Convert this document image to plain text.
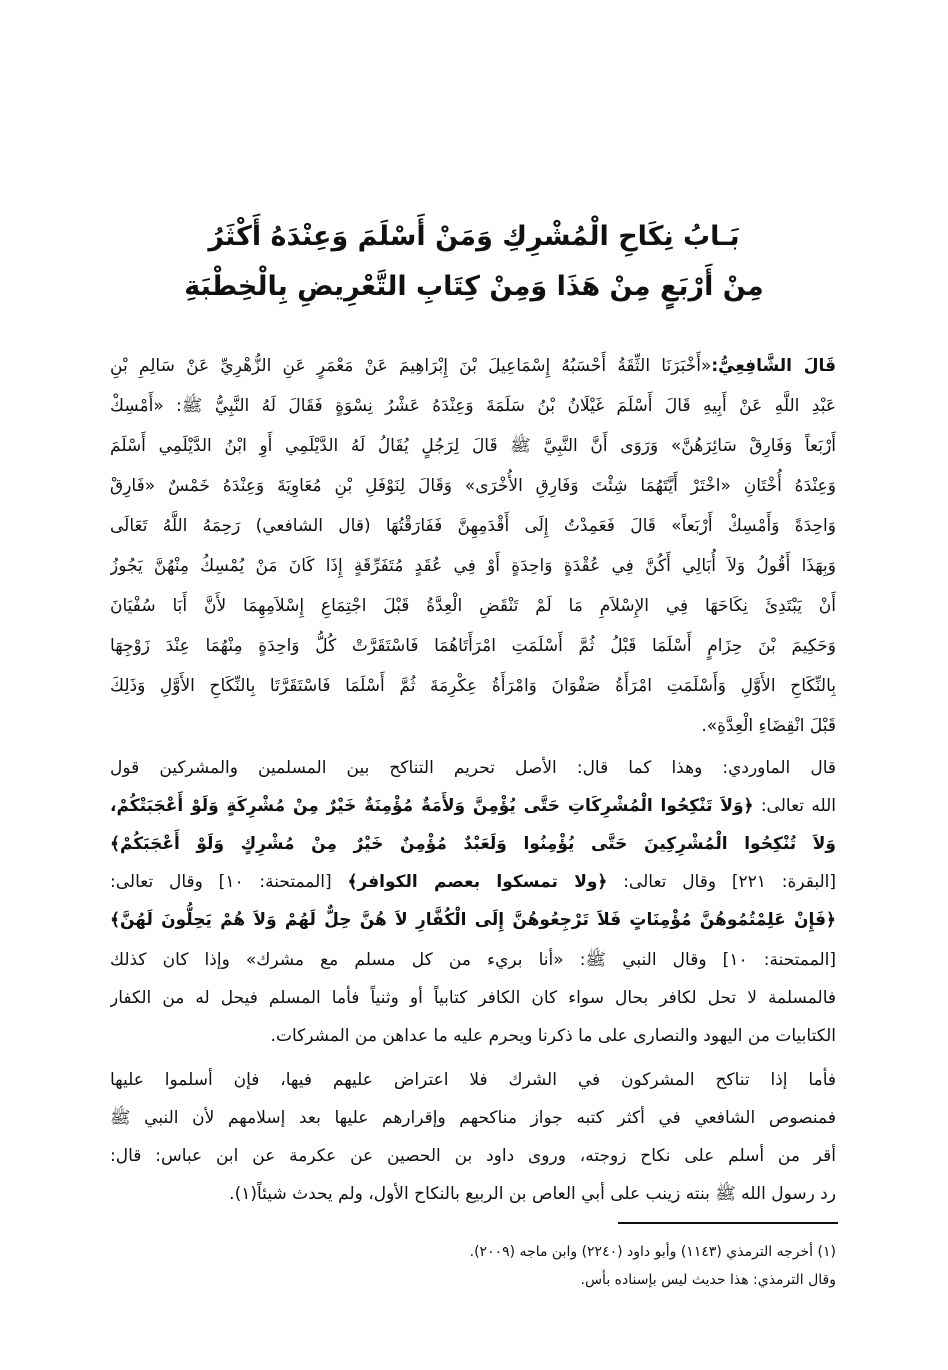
بَـابُ نِكَاحِ الْمُشْرِكِ وَمَنْ أَسْلَمَ وَعِنْدَهُ أَكْثَرُ
مِنْ أَرْبَعٍ مِنْ هَذَا وَمِنْ كِتَابِ التَّعْرِيضِ بِالْخِطْبَةِ
قَالَ الشَّافِعِيُّ:«أَخْبَرَنَا الثِّقَةُ أَحْسَبُهُ إِسْمَاعِيلَ بْنَ إِبْرَاهِيمَ عَنْ مَعْمَرٍ عَنِ الزُّهْرِيِّ عَنْ سَالِمِ بْنِ
عَبْدِ اللَّهِ عَنْ أَبِيهِ قَالَ أَسْلَمَ غَيْلَانُ بْنُ سَلَمَةَ وَعِنْدَهُ عَشْرُ نِسْوَةٍ فَقَالَ لَهُ النَّبِيُّ ﷺ: «أَمْسِكْ
أَرْبَعاً وَفَارِقْ سَائِرَهُنَّ» وَرَوَى أَنَّ النَّبِيَّ ﷺ قَالَ لِرَجُلٍ يُقَالُ لَهُ الدَّيْلَمِي أَوِ ابْنُ الدَّيْلَمِي أَسْلَمَ
وَعِنْدَهُ أُخْتَانِ «اخْتَرْ أَيَّتَهُمَا شِئْتَ وَفَارِقِ الأُخْرَى» وَقَالَ لِنَوْفَلِ بْنِ مُعَاوِيَةَ وَعِنْدَهُ خَمْسٌ «فَارِقْ
وَاحِدَةً وَأَمْسِكْ أَرْبَعاً» قَالَ فَعَمِدْتُ إِلَى أَقْدَمِهِنَّ فَفَارَقْتُهَا (قال الشافعي) رَحِمَهُ اللَّهُ تَعَالَى
وَبِهَذَا أَقُولُ وَلاَ أُبَالِي أَكُنَّ فِي عُقْدَةٍ وَاحِدَةٍ أَوْ فِي عُقَدٍ مُتَفَرِّقَةٍ إِذَا كَانَ مَنْ يُمْسِكُ مِنْهُنَّ يَجُوزُ
أَنْ يَبْتَدِئَ نِكَاحَهَا فِي الإِسْلاَمِ مَا لَمْ تَنْقَضِ الْعِدَّةُ قَبْلَ اجْتِمَاعِ إِسْلاَمِهِمَا لأَنَّ أَبَا سُفْيَانَ
وَحَكِيمَ بْنَ حِزَامٍ أَسْلَمَا قَبْلُ ثُمَّ أَسْلَمَتِ امْرَأَتَاهُمَا فَاسْتَقَرَّتْ كُلُّ وَاحِدَةٍ مِنْهُمَا عِنْدَ زَوْجِهَا
بِالنِّكَاحِ الأَوَّلِ وَأَسْلَمَتِ امْرَأَةُ صَفْوَانَ وَامْرَأَةُ عِكْرِمَةَ ثُمَّ أَسْلَمَا فَاسْتَقَرَّتَا بِالنِّكَاحِ الأَوَّلِ وَذَلِكَ
قَبْلَ انْقِضَاءِ الْعِدَّةِ».
قال الماوردي: وهذا كما قال: الأصل تحريم التناكح بين المسلمين والمشركين قول
الله تعالى: ﴿وَلاَ تَنْكِحُوا الْمُشْرِكَاتِ حَتَّى يُؤْمِنَّ وَلأَمَةٌ مُؤْمِنَةٌ خَيْرٌ مِنْ مُشْرِكَةٍ وَلَوْ أَعْجَبَتْكُمْ،
وَلاَ تُنْكِحُوا الْمُشْرِكِينَ حَتَّى يُؤْمِنُوا وَلَعَبْدٌ مُؤْمِنٌ خَيْرٌ مِنْ مُشْرِكٍ وَلَوْ أَعْجَبَكُمْ﴾
[البقرة: ٢٢١] وقال تعالى: ﴿ولا تمسكوا بعصم الكوافر﴾ [الممتحنة: ١٠] وقال تعالى:
﴿فَإِنْ عَلِمْتُمُوهُنَّ مُؤْمِنَاتٍ فَلاَ تَرْجِعُوهُنَّ إِلَى الْكُفَّارِ لاَ هُنَّ حِلٌّ لَهُمْ وَلاَ هُمْ يَحِلُّونَ لَهُنَّ﴾
[الممتحنة: ١٠] وقال النبي ﷺ: «أنا بريء من كل مسلم مع مشرك» وإذا كان كذلك
فالمسلمة لا تحل لكافر بحال سواء كان الكافر كتابياً أو وثنياً فأما المسلم فيحل له من الكفار
الكتابيات من اليهود والنصارى على ما ذكرنا ويحرم عليه ما عداهن من المشركات.
فأما إذا تناكح المشركون في الشرك فلا اعتراض عليهم فيها، فإن أسلموا عليها
فمنصوص الشافعي في أكثر كتبه جواز مناكحهم وإقرارهم عليها بعد إسلامهم لأن النبي ﷺ
أقر من أسلم على نكاح زوجته، وروى داود بن الحصين عن عكرمة عن ابن عباس: قال:
رد رسول الله ﷺ بنته زينب على أبي العاص بن الربيع بالنكاح الأول، ولم يحدث شيئاً(١).
(١) أخرجه الترمذي (١١٤٣) وأبو داود (٢٢٤٠) وابن ماجه (٢٠٠٩).
وقال الترمذي: هذا حديث ليس بإسناده بأس.
